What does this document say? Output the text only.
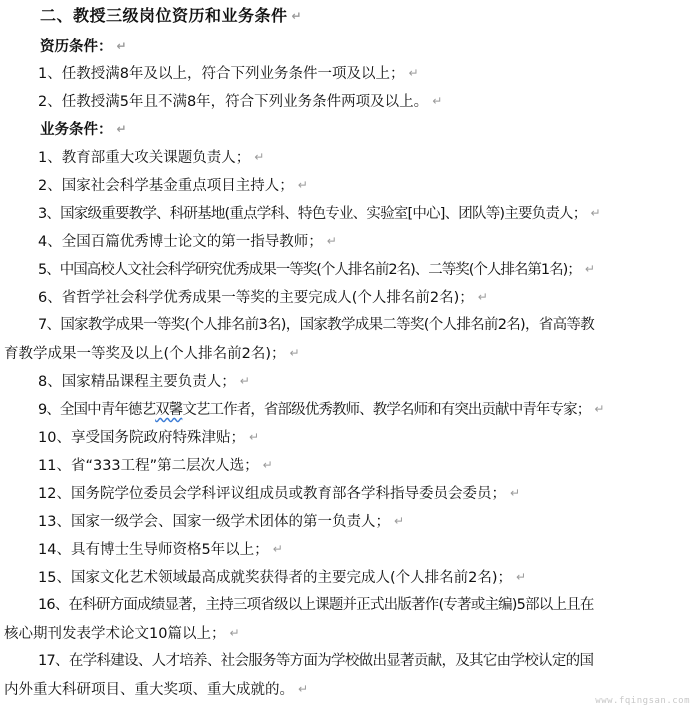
二、教授三级岗位资历和业务条件 ↵
资历条件： ↵
1、任教授满8年及以上，符合下列业务条件一项及以上； ↵
2、任教授满5年且不满8年，符合下列业务条件两项及以上。 ↵
业务条件： ↵
1、教育部重大攻关课题负责人； ↵
2、国家社会科学基金重点项目主持人； ↵
3、国家级重要教学、科研基地(重点学科、特色专业、实验室[中心]、团队等)主要负责人； ↵
4、全国百篇优秀博士论文的第一指导教师； ↵
5、中国高校人文社会科学研究优秀成果一等奖(个人排名前2名)、二等奖(个人排名第1名)； ↵
6、省哲学社会科学优秀成果一等奖的主要完成人(个人排名前2名)； ↵
7、国家教学成果一等奖(个人排名前3名)，国家教学成果二等奖(个人排名前2名)，省高等教
育教学成果一等奖及以上(个人排名前2名)； ↵
8、国家精品课程主要负责人； ↵
9、全国中青年德艺双馨文艺工作者，省部级优秀教师、教学名师和有突出贡献中青年专家； ↵
10、享受国务院政府特殊津贴； ↵
11、省“333工程”第二层次人选； ↵
12、国务院学位委员会学科评议组成员或教育部各学科指导委员会委员； ↵
13、国家一级学会、国家一级学术团体的第一负责人； ↵
14、具有博士生导师资格5年以上； ↵
15、国家文化艺术领域最高成就奖获得者的主要完成人(个人排名前2名)； ↵
16、在科研方面成绩显著，主持三项省级以上课题并正式出版著作(专著或主编)5部以上且在
核心期刊发表学术论文10篇以上； ↵
17、在学科建设、人才培养、社会服务等方面为学校做出显著贡献，及其它由学校认定的国
内外重大科研项目、重大奖项、重大成就的。 ↵
www.fqingsan.com
